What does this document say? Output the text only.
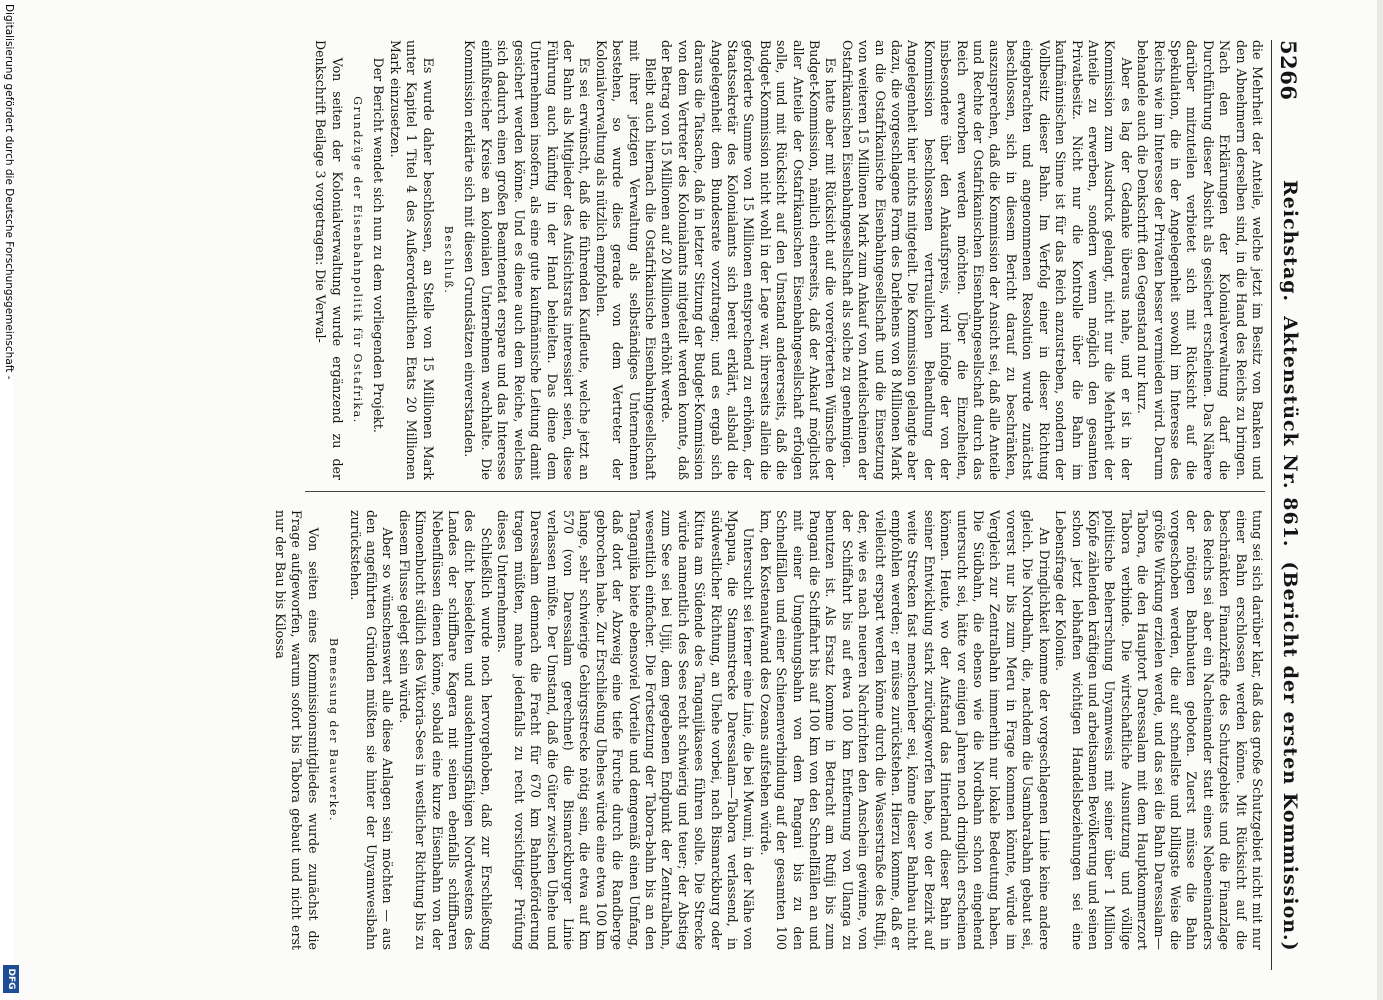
5266
Reichstag.Aktenstück Nr. 861.(Bericht der ersten Kommission.)

die Mehrheit der Anteile, welche jetzt im Besitz von Banken und den Abnehmern derselben sind, in die Hand des Reichs zu bringen. Nach den Erklärungen der Kolonialverwaltung darf die Durchführung dieser Absicht als gesichert erscheinen. Das Nähere darüber mitzuteilen verbietet sich mit Rücksicht auf die Spekulation, die in der Angelegenheit sowohl im Interesse des Reichs wie im Interesse der Privaten besser vermieden wird. Darum behandele auch die Denkschrift den Gegenstand nur kurz.

Aber es lag der Gedanke überaus nahe, und er ist in der Kommission zum Ausdruck gelangt, nicht nur die Mehrheit der Anteile zu erwerben, sondern wenn möglich den gesamten Privatbesitz. Nicht nur die Kontrolle über die Bahn im kaufmännischen Sinne ist für das Reich anzustreben, sondern der Vollbesitz dieser Bahn. Im Verfolg einer in dieser Richtung eingebrachten und angenommenen Resolution wurde zunächst beschlossen, sich in diesem Bericht darauf zu beschränken, auszusprechen, daß die Kommission der Ansicht sei, daß alle Anteile und Rechte der Ostafrikanischen Eisenbahngesellschaft durch das Reich erworben werden möchten. Über die Einzelheiten, insbesondere über den Ankaufspreis, wird infolge der von der Kommission beschlossenen vertraulichen Behandlung der Angelegenheit hier nichts mitgeteilt. Die Kommission gelangte aber dazu, die vorgeschlagene Form des Darlehens von 8 Millionen Mark an die Ostafrikanische Eisenbahngesellschaft und die Einsetzung von weiteren 15 Millionen Mark zum Ankauf von Anteilscheinen der Ostafrikanischen Eisenbahngesellschaft als solche zu genehmigen.

Es hatte aber mit Rücksicht auf die vorerörterten Wünsche der Budget-Kommission, nämlich einerseits, daß der Ankauf möglichst aller Anteile der Ostafrikanischen Eisenbahngesellschaft erfolgen solle, und mit Rücksicht auf den Umstand andererseits, daß die Budget-Kommission nicht wohl in der Lage war, ihrerseits allein die geforderte Summe von 15 Millionen entsprechend zu erhöhen, der Staatssekretär des Kolonialamts sich bereit erklärt, alsbald die Angelegenheit dem Bundesrate vorzutragen; und es ergab sich daraus die Tatsache, daß in letzter Sitzung der Budget-Kommission von dem Vertreter des Kolonialamts mitgeteilt werden konnte, daß der Betrag von 15 Millionen auf 20 Millionen erhöht werde.

Bleibt auch hiernach die Ostafrikanische Eisenbahngesellschaft mit ihrer jetzigen Verwaltung als selbständiges Unternehmen bestehen, so wurde dies gerade von dem Vertreter der Kolonialverwaltung als nützlich empfohlen.

Es sei erwünscht, daß die führenden Kaufleute, welche jetzt an der Bahn als Mitglieder des Aufsichtsrats interessiert seien, diese Führung auch künftig in der Hand behielten. Das diene dem Unternehmen insofern, als eine gute kaufmännische Leitung damit gesichert werden könne. Und es diene auch dem Reiche, welches sich dadurch einen großen Beamtenetat erspare und das Interesse einflußreicher Kreise an kolonialen Unternehmen wachhalte. Die Kommission erklärte sich mit diesen Grundsätzen einverstanden.

Beschluß.

Es wurde daher beschlossen, an Stelle von 15 Millionen Mark unter Kapitel 1 Titel 4 des Außerordentlichen Etats 20 Millionen Mark einzusetzen.

Der Bericht wendet sich nun zu dem vorliegenden Projekt.

Grundzüge der Eisenbahnpolitik für Ostafrika.

Von seiten der Kolonialverwaltung wurde ergänzend zu der Denkschrift Beilage 3 vorgetragen: Die Verwal-

tung sei sich darüber klar, daß das große Schutzgebiet nicht mit nur einer Bahn erschlossen werden könne. Mit Rücksicht auf die beschränkten Finanzkräfte des Schutzgebiets und die Finanzlage des Reichs sei aber ein Nacheinander statt eines Nebeneinanders der nötigen Bahnbauten geboten. Zuerst müsse die Bahn vorgeschoben werden, die auf schnellste und billigste Weise die größte Wirkung erzielen werde, und das sei die Bahn Daressalam—Tabora, die den Hauptort Daressalam mit dem Hauptkommerzort Tabora verbinde. Die wirtschaftliche Ausnutzung und völlige politische Beherrschung Unyamwesis mit seiner über 1 Million Köpfe zählenden kräftigen und arbeitsamen Bevölkerung und seinen schon jetzt lebhaften wichtigen Handelsbeziehungen sei eine Lebensfrage der Kolonie.

An Dringlichkeit komme der vorgeschlagenen Linie keine andere gleich. Die Nordbahn, die, nachdem die Usambarabahn gebaut sei, vorerst nur bis zum Meru in Frage kommen könnte, würde im Vergleich zur Zentralbahn immerhin nur lokale Bedeutung haben. Die Südbahn, die ebenso wie die Nordbahn schon eingehend untersucht sei, hätte vor einigen Jahren noch dringlich erscheinen können. Heute, wo der Aufstand das Hinterland dieser Bahn in seiner Entwicklung stark zurückgeworfen habe, wo der Bezirk auf weite Strecken fast menschenleer sei, könne dieser Bahnbau nicht empfohlen werden; er müsse zurückstehen. Hierzu komme, daß er vielleicht erspart werden könne durch die Wasserstraße des Rufiji, der, wie es nach neueren Nachrichten den Anschein gewinne, von der Schiffahrt bis auf etwa 100 km Entfernung von Ulanga zu benutzen ist. Als Ersatz komme in Betracht am Rufiji bis zum Pangani die Schiffahrt bis auf 100 km von den Schnellfällen an und mit einer Umgehungsbahn von dem Pangani bis zu den Schnellfällen und einer Schienenverbindung auf der gesamten 100 km, den Kostenaufwand des Ozeans aufstehen würde.

Untersucht sei ferner eine Linie, die bei Mwumi, in der Nähe von Mpapua, die Stammstrecke Daressalam—Tabora verlassend, in südwestlicher Richtung, an Uhehe vorbei, nach Bismarckburg oder Kituta am Südende des Tanganjikasees führen sollte. Die Strecke würde namentlich des Sees recht schwierig und teuer; der Abstieg zum See sei bei Ujiji, dem gegebenen Endpunkt der Zentralbahn, wesentlich einfacher. Die Fortsetzung der Tabora-bahn bis an den Tanganjika biete ebensoviel Vorteile und demgemäß einen Umfang, daß dort der Abzweig eine tiefe Furche durch die Randberge gebrochen habe. Zur Erschließung Uhehes würde eine etwa 100 km lange, sehr schwierige Gebirgsstrecke nötig sein, die etwa auf km 570 (von Daressalam gerechnet) die Bismarckburger Linie verlassen müßte. Der Umstand, daß die Güter zwischen Uhehe und Daressalam demnach die Fracht für 670 km Bahnbeförderung tragen müßten, mahne jedenfalls zu recht vorsichtiger Prüfung dieses Unternehmens.

Schließlich wurde noch hervorgehoben, daß zur Erschließung des dicht besiedelten und ausdehnungsfähigen Nordwestens des Landes der schiffbare Kagera mit seinen ebenfalls schiffbaren Nebenflüssen dienen könne, sobald eine kurze Eisenbahn von der Kimoenbucht südlich des Viktoria-Sees in westlicher Richtung bis zu diesem Flusse gelegt sein würde.

Aber so wünschenswert alle diese Anlagen sein möchten — aus den angeführten Gründen müßten sie hinter der Unyamwesibahn zurückstehen.

Bemessung der Bauwerke.

Von seiten eines Kommissionsmitgliedes wurde zunächst die Frage aufgeworfen, warum sofort bis Tabora gebaut und nicht erst nur der Bau bis Kilossa

Digitalisierung gefördert durch die Deutsche Forschungsgemeinschaft -
DFG
